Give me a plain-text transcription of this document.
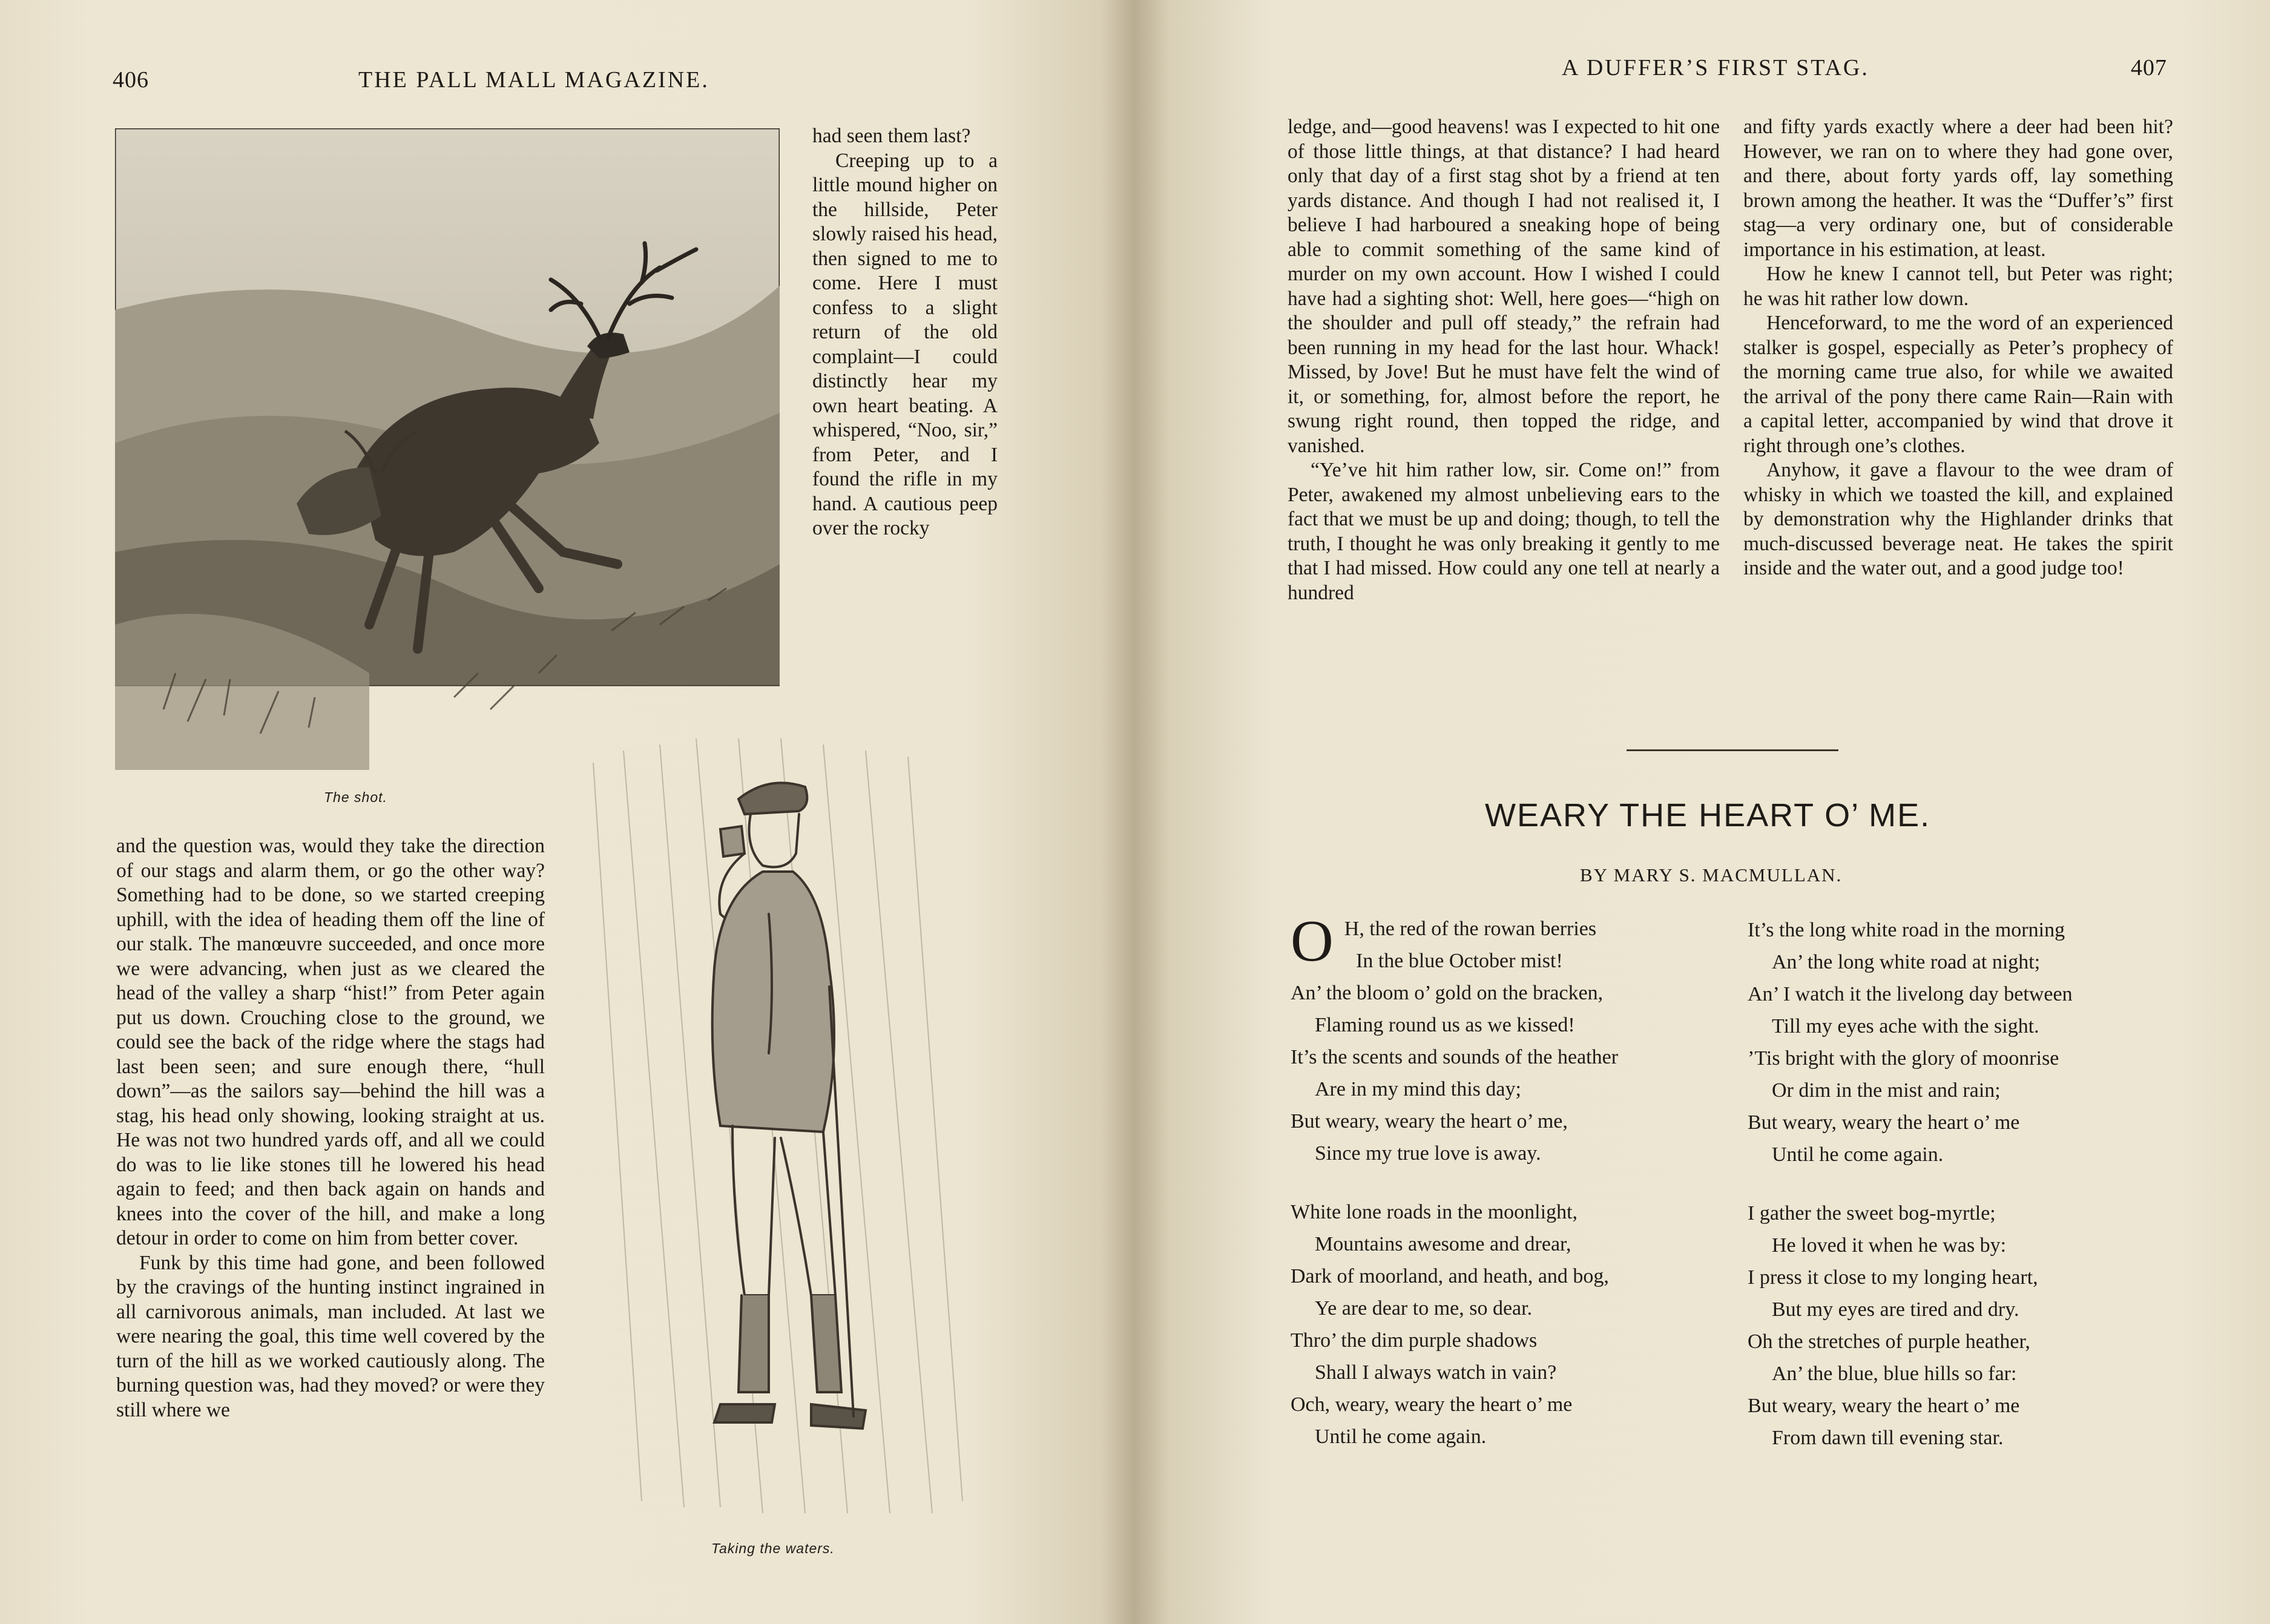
406	THE PALL MALL MAGAZINE.
The shot.

had seen them last?

Creeping up to a little mound higher on the hillside, Peter slowly raised his head, then signed to me to come. Here I must confess to a slight return of the old complaint—I could distinctly hear my own heart beating. A whispered, “Noo, sir,” from Peter, and I found the rifle in my hand. A cautious peep over the rocky

Taking the waters.

and the question was, would they take the direction of our stags and alarm them, or go the other way? Something had to be done, so we started creeping uphill, with the idea of heading them off the line of our stalk. The manœuvre succeeded, and once more we were advancing, when just as we cleared the head of the valley a sharp “hist!” from Peter again put us down. Crouching close to the ground, we could see the back of the ridge where the stags had last been seen; and sure enough there, “hull down”—as the sailors say—behind the hill was a stag, his head only showing, looking straight at us. He was not two hundred yards off, and all we could do was to lie like stones till he lowered his head again to feed; and then back again on hands and knees into the cover of the hill, and make a long detour in order to come on him from better cover.

Funk by this time had gone, and been followed by the cravings of the hunting instinct ingrained in all carnivorous animals, man included. At last we were nearing the goal, this time well covered by the turn of the hill as we worked cautiously along. The burning question was, had they moved? or were they still where we

A DUFFER’S FIRST STAG.	407

ledge, and—good heavens! was I expected to hit one of those little things, at that distance? I had heard only that day of a first stag shot by a friend at ten yards distance. And though I had not realised it, I believe I had harboured a sneaking hope of being able to commit something of the same kind of murder on my own account. How I wished I could have had a sighting shot: Well, here goes—“high on the shoulder and pull off steady,” the refrain had been running in my head for the last hour. Whack! Missed, by Jove! But he must have felt the wind of it, or something, for, almost before the report, he swung right round, then topped the ridge, and vanished.

“Ye’ve hit him rather low, sir. Come on!” from Peter, awakened my almost unbelieving ears to the fact that we must be up and doing; though, to tell the truth, I thought he was only breaking it gently to me that I had missed. How could any one tell at nearly a hundred

and fifty yards exactly where a deer had been hit? However, we ran on to where they had gone over, and there, about forty yards off, lay something brown among the heather. It was the “Duffer’s” first stag—a very ordinary one, but of considerable importance in his estimation, at least.

How he knew I cannot tell, but Peter was right; he was hit rather low down.

Henceforward, to me the word of an experienced stalker is gospel, especially as Peter’s prophecy of the morning came true also, for while we awaited the arrival of the pony there came Rain—Rain with a capital letter, accompanied by wind that drove it right through one’s clothes.

Anyhow, it gave a flavour to the wee dram of whisky in which we toasted the kill, and explained by demonstration why the Highlander drinks that much-discussed beverage neat. He takes the spirit inside and the water out, and a good judge too!

WEARY THE HEART O’ ME.
BY MARY S. MACMULLAN.
O H, the red of the rowan berries
In the blue October mist!
An’ the bloom o’ gold on the bracken,
Flaming round us as we kissed!
It’s the scents and sounds of the heather
Are in my mind this day;
But weary, weary the heart o’ me,
Since my true love is away.
White lone roads in the moonlight,
Mountains awesome and drear,
Dark of moorland, and heath, and bog,
Ye are dear to me, so dear.
Thro’ the dim purple shadows
Shall I always watch in vain?
Och, weary, weary the heart o’ me
Until he come again.
It’s the long white road in the morning
An’ the long white road at night;
An’ I watch it the livelong day between
Till my eyes ache with the sight.
’Tis bright with the glory of moonrise
Or dim in the mist and rain;
But weary, weary the heart o’ me
Until he come again.
I gather the sweet bog-myrtle;
He loved it when he was by:
I press it close to my longing heart,
But my eyes are tired and dry.
Oh the stretches of purple heather,
An’ the blue, blue hills so far:
But weary, weary the heart o’ me
From dawn till evening star.
